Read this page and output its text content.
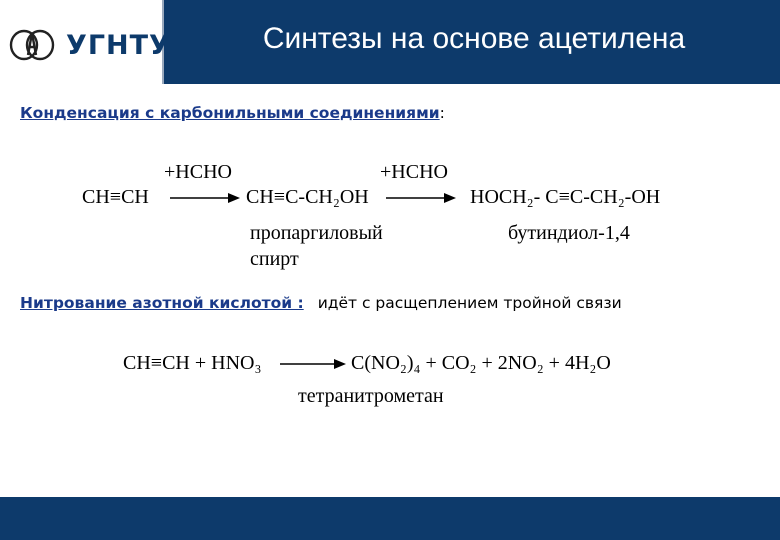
УГНТУ	Синтезы на основе ацетилена
Конденсация с карбонильными соединениями:
+HCHO	+HCHO
CH≡CH	CH≡C-CH₂OH	HOCH₂- C≡C-CH₂-OH
пропаргиловый
спирт
бутиндиол-1,4
Нитрование азотной кислотой : идёт с расщеплением тройной связи
CH≡CH + HNO₃	C(NO₂)₄ + CO₂ + 2NO₂ + 4H₂O
тетранитрометан
